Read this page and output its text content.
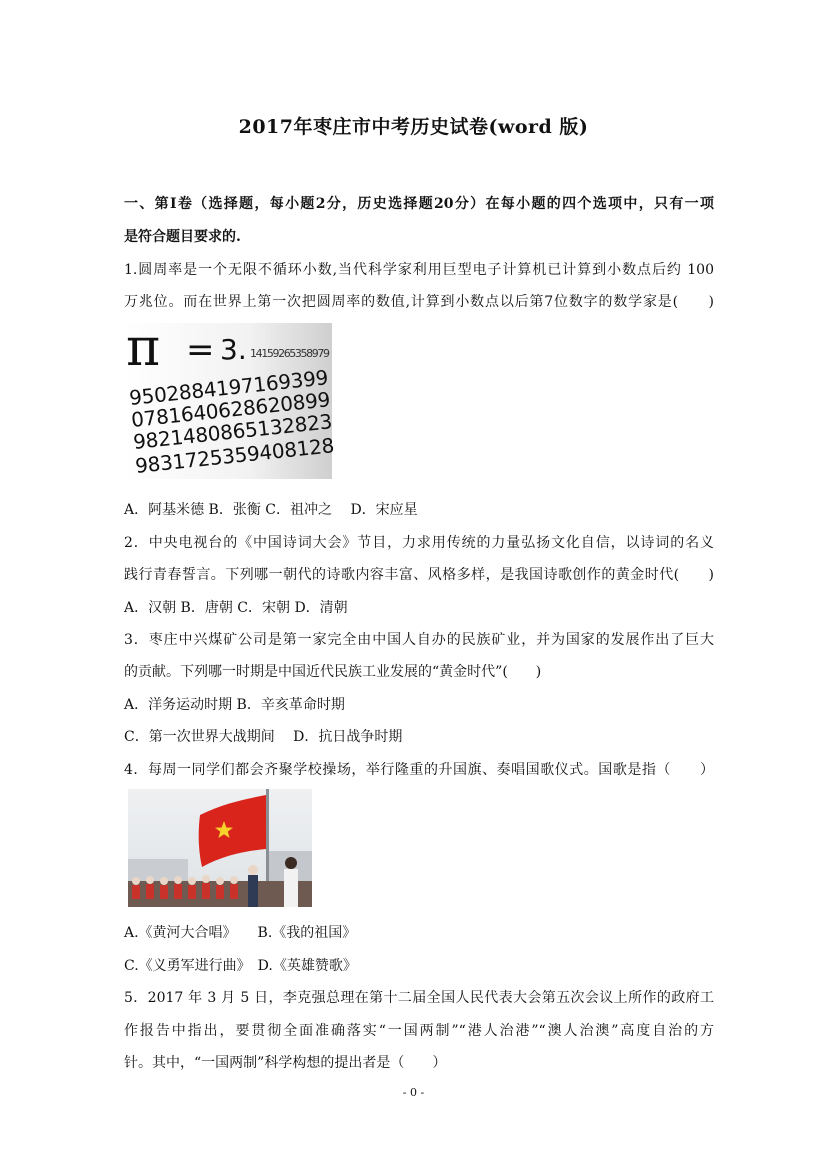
2017年枣庄市中考历史试卷(word 版)
一、第Ⅰ卷（选择题，每小题2分，历史选择题20分）在每小题的四个选项中，只有一项
是符合题目要求的.
1.圆周率是一个无限不循环小数,当代科学家利用巨型电子计算机已计算到小数点后约 100
万兆位。而在世界上第一次把圆周率的数值,计算到小数点以后第7位数字的数学家是(　　)
π = 3. 14159265358979
9502884197169399
0781640628620899
9821480865132823
9831725359408128
A．阿基米德 B．张衡 C．祖冲之　 D．宋应星
2．中央电视台的《中国诗词大会》节目，力求用传统的力量弘扬文化自信，以诗词的名义
践行青春誓言。下列哪一朝代的诗歌内容丰富、风格多样，是我国诗歌创作的黄金时代(　　)
A．汉朝 B．唐朝 C．宋朝 D．清朝
3．枣庄中兴煤矿公司是第一家完全由中国人自办的民族矿业，并为国家的发展作出了巨大
的贡献。下列哪一时期是中国近代民族工业发展的“黄金时代”(　　)
A．洋务运动时期 B．辛亥革命时期
C．第一次世界大战期间　 D．抗日战争时期
4．每周一同学们都会齐聚学校操场，举行隆重的升国旗、奏唱国歌仪式。国歌是指（　　）
A.《黄河大合唱》　　B.《我的祖国》
C.《义勇军进行曲》　D.《英雄赞歌》
5．2017 年 3 月 5 日，李克强总理在第十二届全国人民代表大会第五次会议上所作的政府工
作报告中指出，要贯彻全面准确落实“一国两制”“港人治港”“澳人治澳”高度自治的方
针。其中，“一国两制”科学构想的提出者是（　　）
- 0 -
